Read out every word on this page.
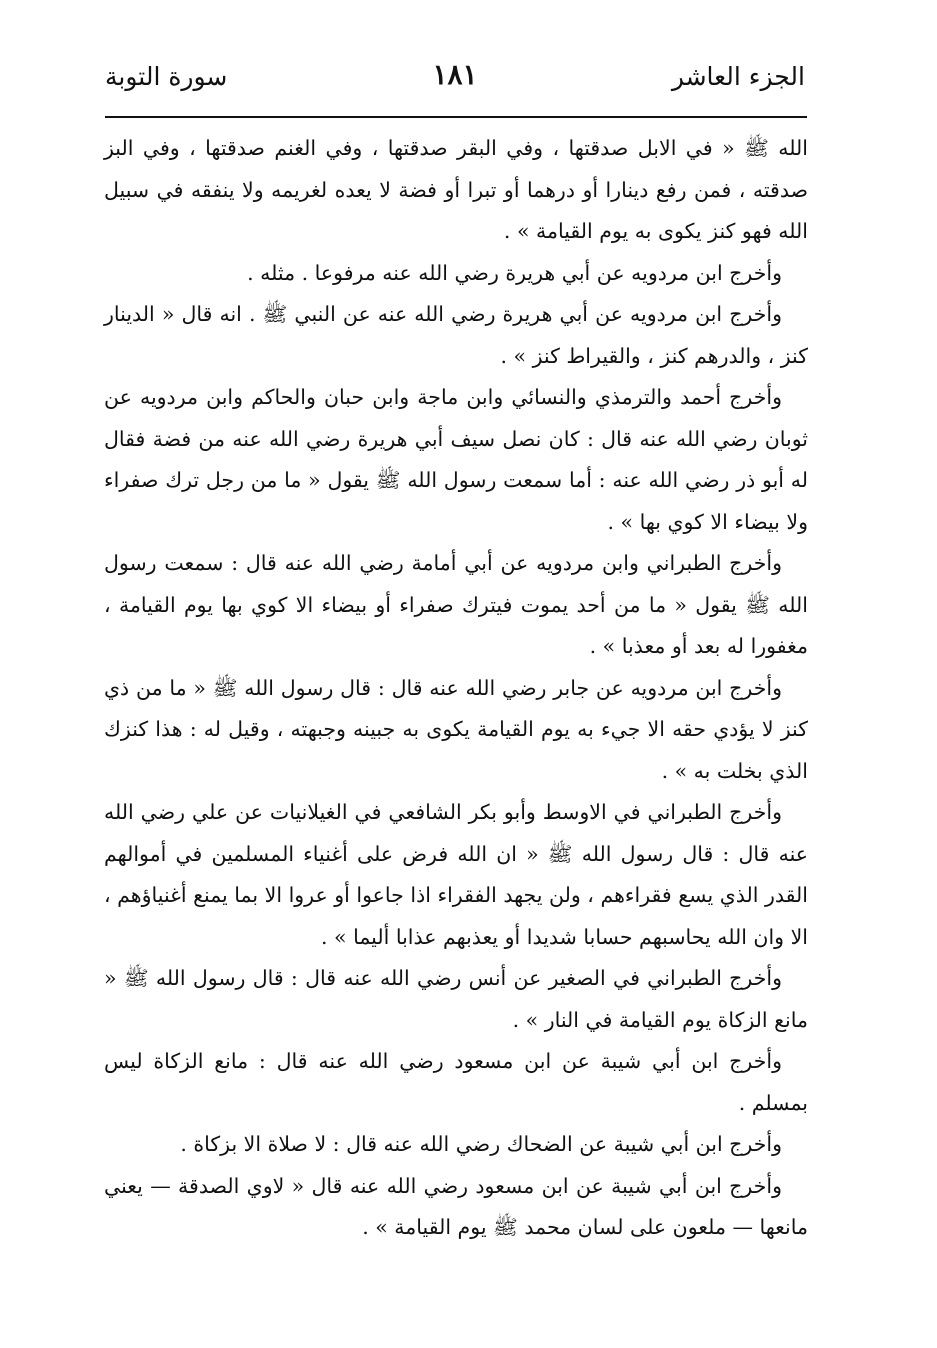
الجزء العاشر
١٨١
سورة التوبة

الله ﷺ « في الابل صدقتها ، وفي البقر صدقتها ، وفي الغنم صدقتها ، وفي البز صدقته ، فمن رفع دينارا أو درهما أو تبرا أو فضة لا يعده لغريمه ولا ينفقه في سبيل الله فهو كنز يكوى به يوم القيامة » .

وأخرج ابن مردويه عن أبي هريرة رضي الله عنه مرفوعا . مثله .

وأخرج ابن مردويه عن أبي هريرة رضي الله عنه عن النبي ﷺ . انه قال « الدينار كنز ، والدرهم كنز ، والقيراط كنز » .

وأخرج أحمد والترمذي والنسائي وابن ماجة وابن حبان والحاكم وابن مردويه عن ثوبان رضي الله عنه قال : كان نصل سيف أبي هريرة رضي الله عنه من فضة فقال له أبو ذر رضي الله عنه : أما سمعت رسول الله ﷺ يقول « ما من رجل ترك صفراء ولا بيضاء الا كوي بها » .

وأخرج الطبراني وابن مردويه عن أبي أمامة رضي الله عنه قال : سمعت رسول الله ﷺ يقول « ما من أحد يموت فيترك صفراء أو بيضاء الا كوي بها يوم القيامة ، مغفورا له بعد أو معذبا » .

وأخرج ابن مردويه عن جابر رضي الله عنه قال : قال رسول الله ﷺ « ما من ذي كنز لا يؤدي حقه الا جيء به يوم القيامة يكوى به جبينه وجبهته ، وقيل له : هذا كنزك الذي بخلت به » .

وأخرج الطبراني في الاوسط وأبو بكر الشافعي في الغيلانيات عن علي رضي الله عنه قال : قال رسول الله ﷺ « ان الله فرض على أغنياء المسلمين في أموالهم القدر الذي يسع فقراءهم ، ولن يجهد الفقراء اذا جاعوا أو عروا الا بما يمنع أغنياؤهم ، الا وان الله يحاسبهم حسابا شديدا أو يعذبهم عذابا أليما » .

وأخرج الطبراني في الصغير عن أنس رضي الله عنه قال : قال رسول الله ﷺ « مانع الزكاة يوم القيامة في النار » .

وأخرج ابن أبي شيبة عن ابن مسعود رضي الله عنه قال : مانع الزكاة ليس بمسلم .

وأخرج ابن أبي شيبة عن الضحاك رضي الله عنه قال : لا صلاة الا بزكاة .

وأخرج ابن أبي شيبة عن ابن مسعود رضي الله عنه قال « لاوي الصدقة — يعني مانعها — ملعون على لسان محمد ﷺ يوم القيامة » .
